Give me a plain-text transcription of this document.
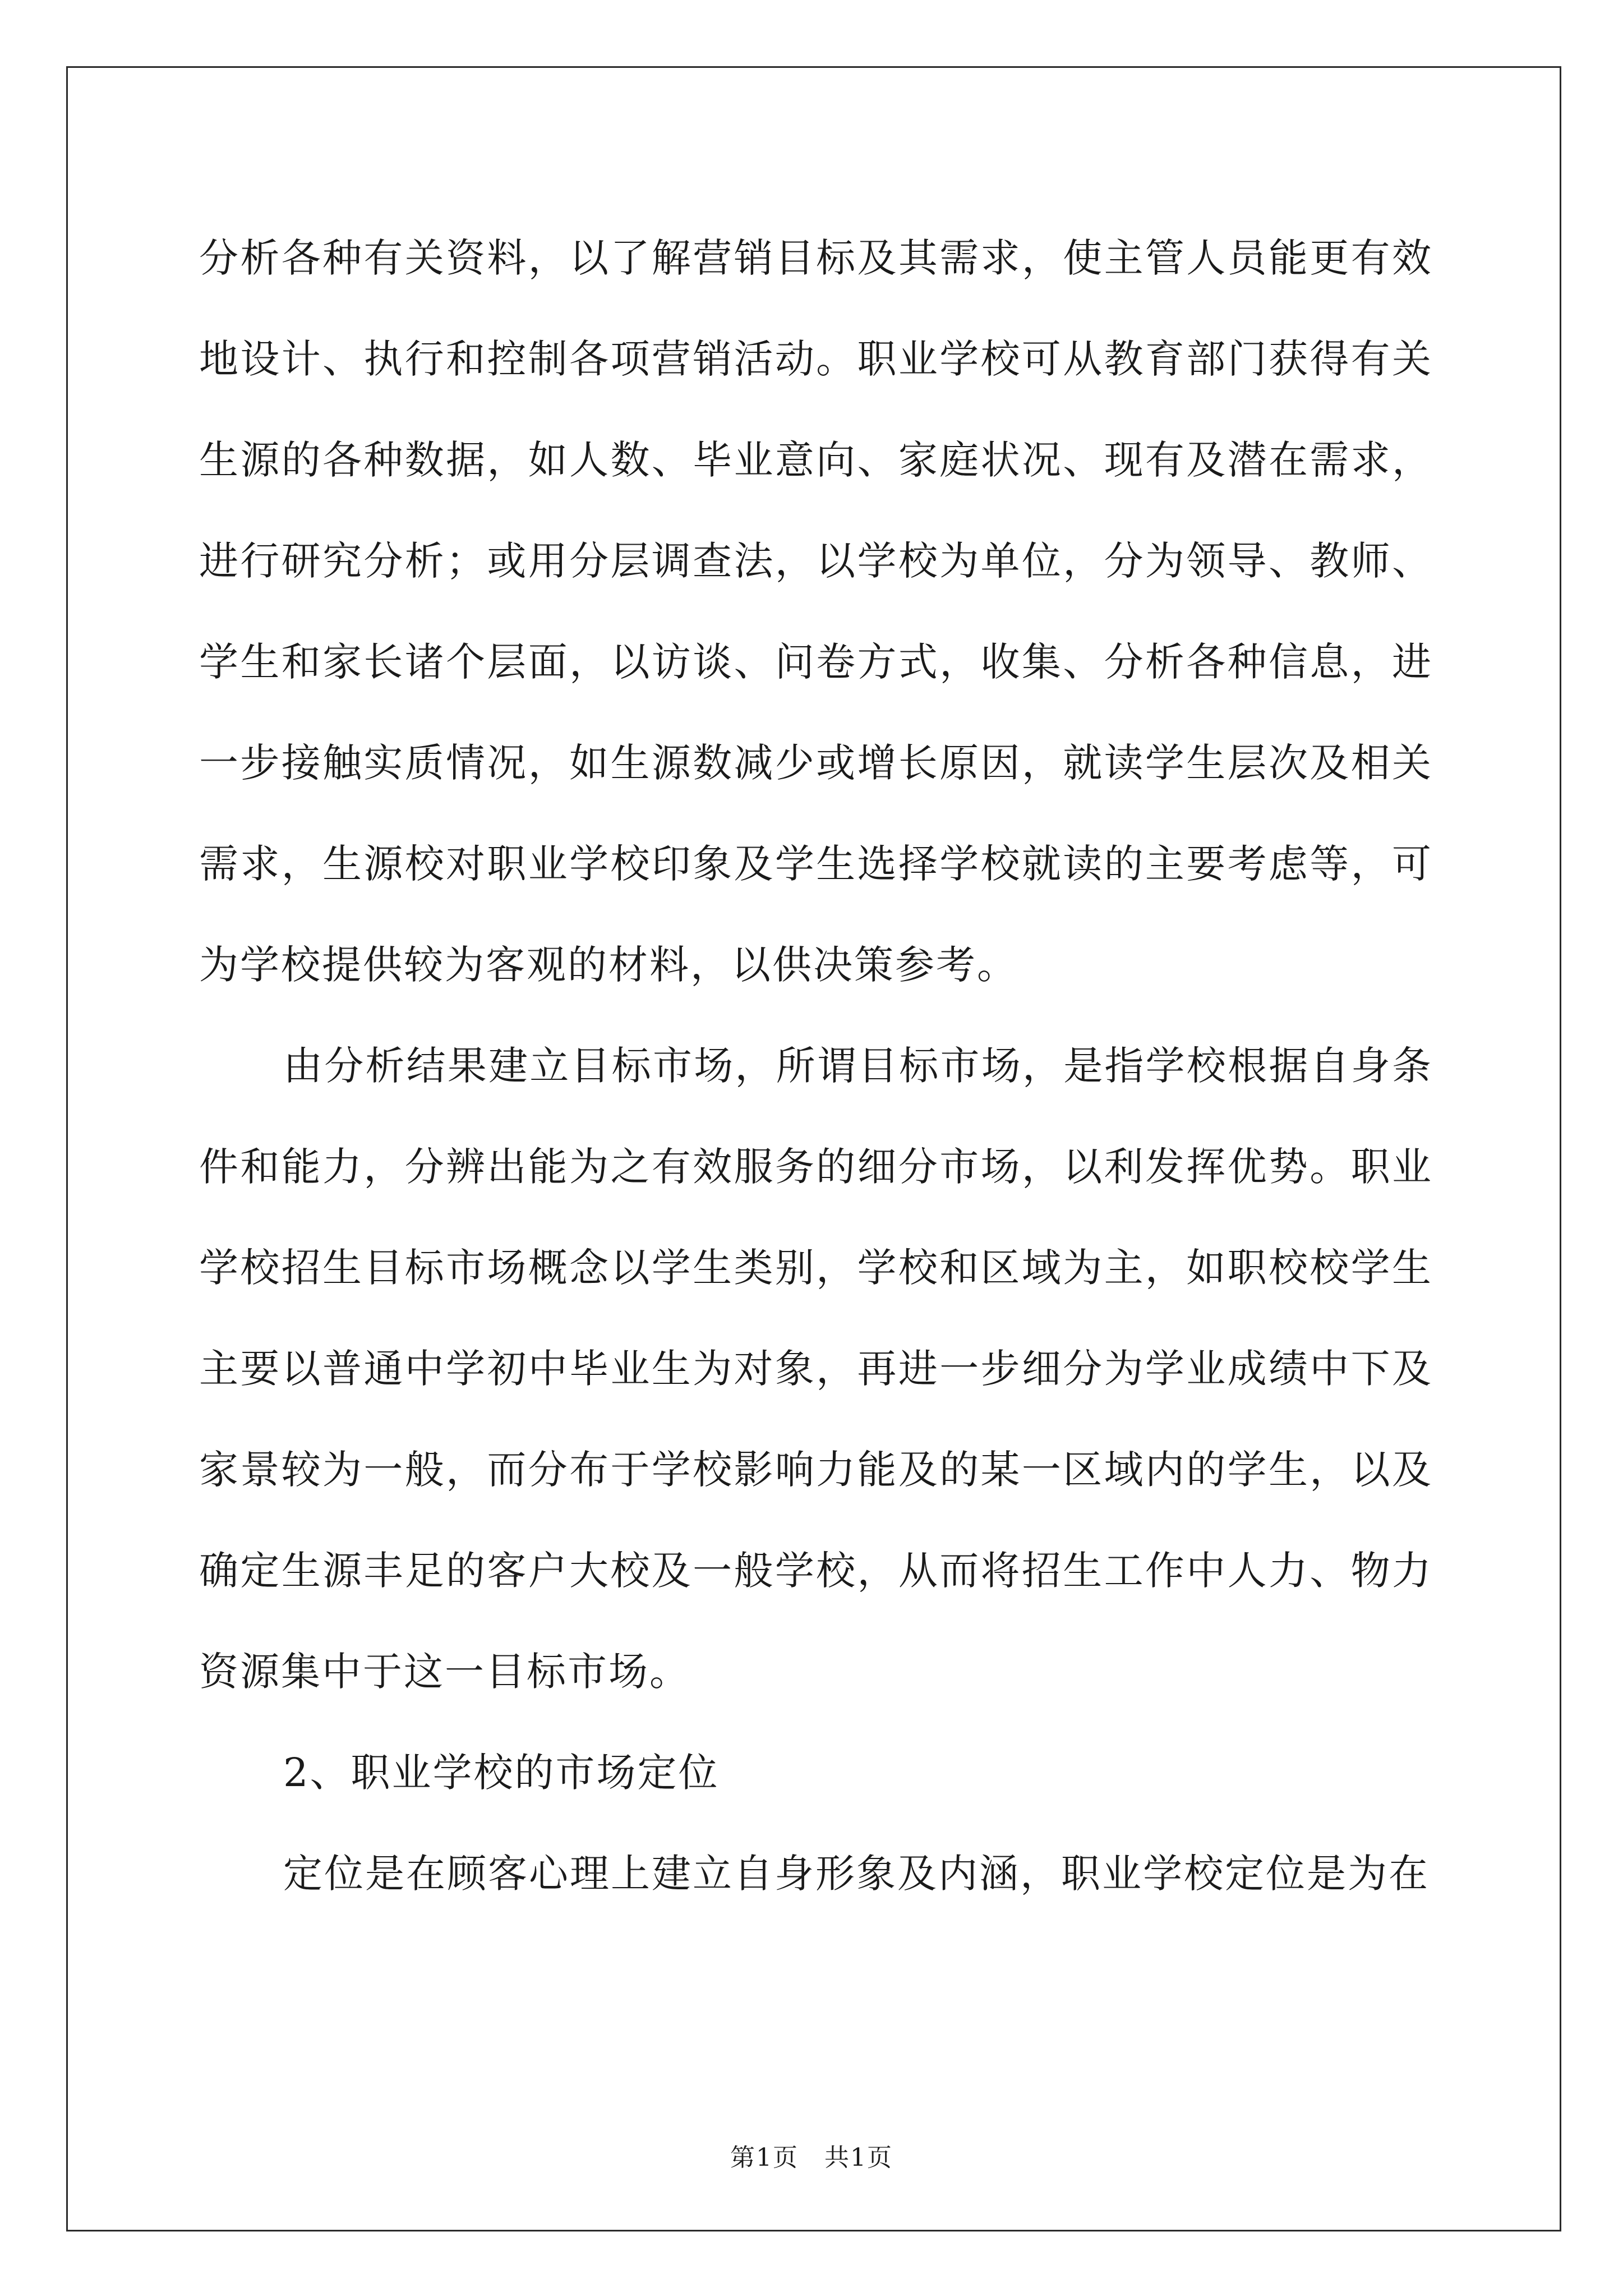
分析各种有关资料，以了解营销目标及其需求，使主管人员能更有效地设计、执行和控制各项营销活动。职业学校可从教育部门获得有关生源的各种数据，如人数、毕业意向、家庭状况、现有及潜在需求，进行研究分析；或用分层调查法，以学校为单位，分为领导、教师、学生和家长诸个层面，以访谈、问卷方式，收集、分析各种信息，进一步接触实质情况，如生源数减少或增长原因，就读学生层次及相关需求，生源校对职业学校印象及学生选择学校就读的主要考虑等，可为学校提供较为客观的材料，以供决策参考。

由分析结果建立目标市场，所谓目标市场，是指学校根据自身条件和能力，分辨出能为之有效服务的细分市场，以利发挥优势。职业学校招生目标市场概念以学生类别，学校和区域为主，如职校校学生主要以普通中学初中毕业生为对象，再进一步细分为学业成绩中下及家景较为一般，而分布于学校影响力能及的某一区域内的学生，以及确定生源丰足的客户大校及一般学校，从而将招生工作中人力、物力资源集中于这一目标市场。

2、职业学校的市场定位

定位是在顾客心理上建立自身形象及内涵，职业学校定位是为在

第1页　共1页
